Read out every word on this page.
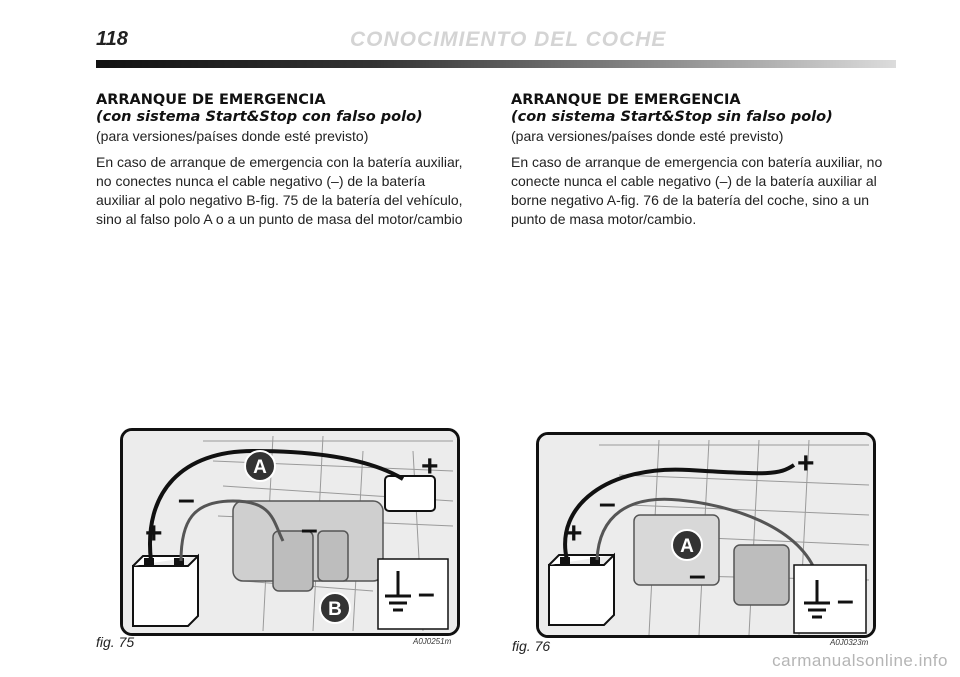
118	CONOCIMIENTO DEL COCHE

ARRANQUE DE EMERGENCIA

(con sistema Start&Stop con falso polo)

(para versiones/países donde esté previsto)

En caso de arranque de emergencia con la batería auxiliar, no conectes nunca el cable negativo (–) de la batería auxiliar al polo negativo B-fig. 75 de la batería del vehículo, sino al falso polo A o a un punto de masa del motor/cambio

ARRANQUE DE EMERGENCIA

(con sistema Start&Stop sin falso polo)

(para versiones/países donde esté previsto)

En caso de arranque de emergencia con batería auxiliar, no conecte nunca el cable negativo (–) de la batería auxiliar al borne negativo A-fig. 76 de la batería del coche, sino a un punto de masa motor/cambio.

A
B
+
+
–
–
–
fig. 75	A0J0251m
A
+
+
–
–
–
fig. 76	A0J0323m
carmanualsonline.info
